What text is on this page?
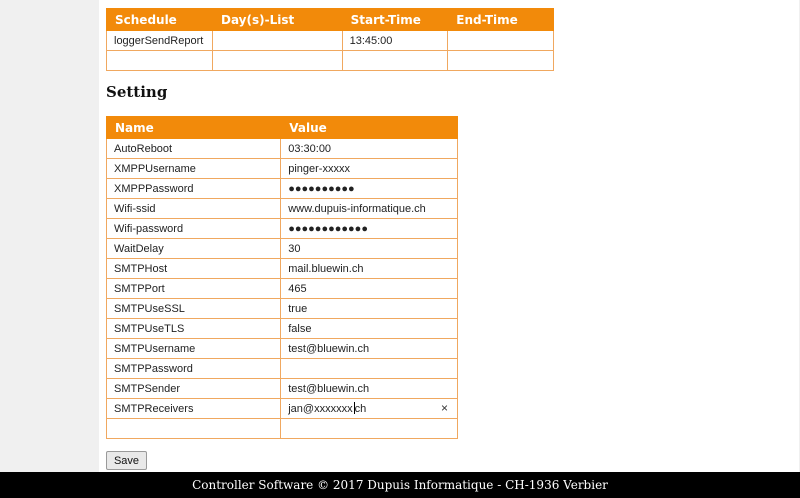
Schedule	Day(s)-List	Start-Time	End-Time
loggerSendReport		13:45:00	

Setting
Name	Value
AutoReboot	03:30:00
XMPPUsername	pinger-xxxxx
XMPPPassword	●●●●●●●●●●
Wifi-ssid	www.dupuis-informatique.ch
Wifi-password	●●●●●●●●●●●●
WaitDelay	30
SMTPHost	mail.bluewin.ch
SMTPPort	465
SMTPUseSSL	true
SMTPUseTLS	false
SMTPUsername	test@bluewin.ch
SMTPPassword	
SMTPSender	test@bluewin.ch
SMTPReceivers	jan@xxxxxxx ch ×

Save
Controller Software © 2017 Dupuis Informatique - CH-1936 Verbier
